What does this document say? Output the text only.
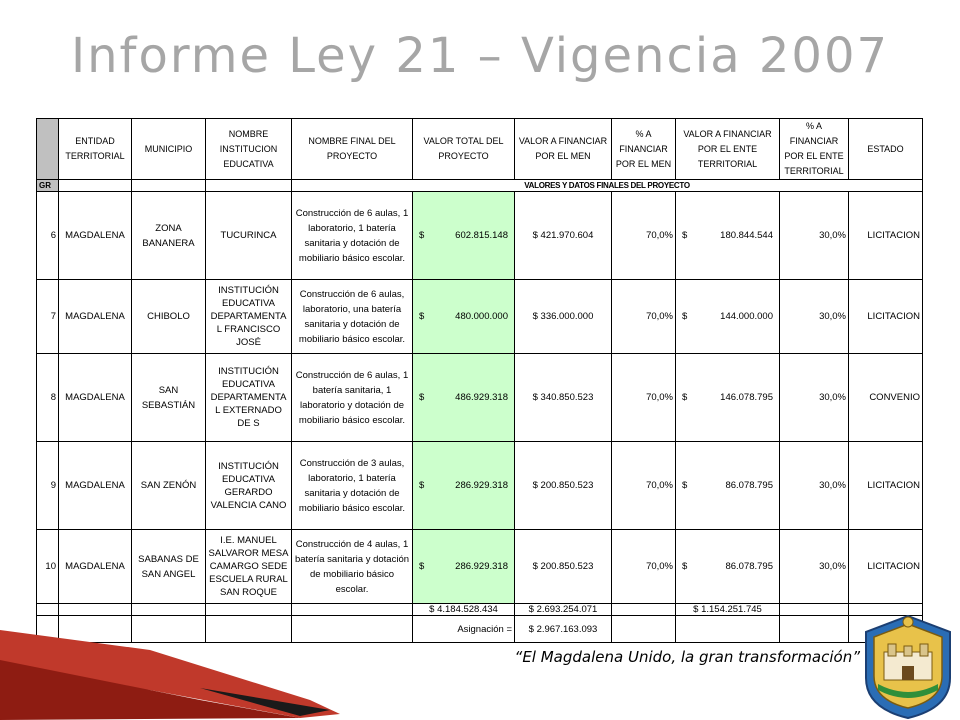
Informe Ley 21 – Vigencia 2007
	ENTIDAD TERRITORIAL	MUNICIPIO	NOMBRE INSTITUCION EDUCATIVA	NOMBRE FINAL DEL PROYECTO	VALOR TOTAL DEL PROYECTO	VALOR A FINANCIAR POR EL MEN	% A FINANCIAR POR EL MEN	VALOR A FINANCIAR POR EL ENTE TERRITORIAL	% A FINANCIAR POR EL ENTE TERRITORIAL	ESTADO
GR				VALORES Y DATOS FINALES DEL PROYECTO						
6	MAGDALENA	ZONA BANANERA	TUCURINCA	Construcción de 6 aulas, 1 laboratorio, 1 batería sanitaria y dotación de mobiliario básico escolar.	$ 602.815.148	$ 421.970.604	70,0%	$ 180.844.544	30,0%	LICITACION
7	MAGDALENA	CHIBOLO	INSTITUCIÓN EDUCATIVA DEPARTAMENTA L FRANCISCO JOSÉ	Construcción de 6 aulas, laboratorio, una batería sanitaria y dotación de mobiliario básico escolar.	$ 480.000.000	$ 336.000.000	70,0%	$ 144.000.000	30,0%	LICITACION
8	MAGDALENA	SAN SEBASTIÁN	INSTITUCIÓN EDUCATIVA DEPARTAMENTA L EXTERNADO DE S	Construcción de 6 aulas, 1 batería sanitaria, 1 laboratorio y dotación de mobiliario básico escolar.	$ 486.929.318	$ 340.850.523	70,0%	$ 146.078.795	30,0%	CONVENIO
9	MAGDALENA	SAN ZENÓN	INSTITUCIÓN EDUCATIVA GERARDO VALENCIA CANO	Construcción de 3 aulas, laboratorio, 1 batería sanitaria y dotación de mobiliario básico escolar.	$ 286.929.318	$ 200.850.523	70,0%	$ 86.078.795	30,0%	LICITACION
10	MAGDALENA	SABANAS DE SAN ANGEL	I.E. MANUEL SALVAROR MESA CAMARGO SEDE ESCUELA RURAL SAN ROQUE	Construcción de 4 aulas, 1 batería sanitaria y dotación de mobiliario básico escolar.	$ 286.929.318	$ 200.850.523	70,0%	$ 86.078.795	30,0%	LICITACION
					$ 4.184.528.434	$ 2.693.254.071		$ 1.154.251.745		
					Asignación =	$ 2.967.163.093				
“El Magdalena Unido, la gran transformación”
